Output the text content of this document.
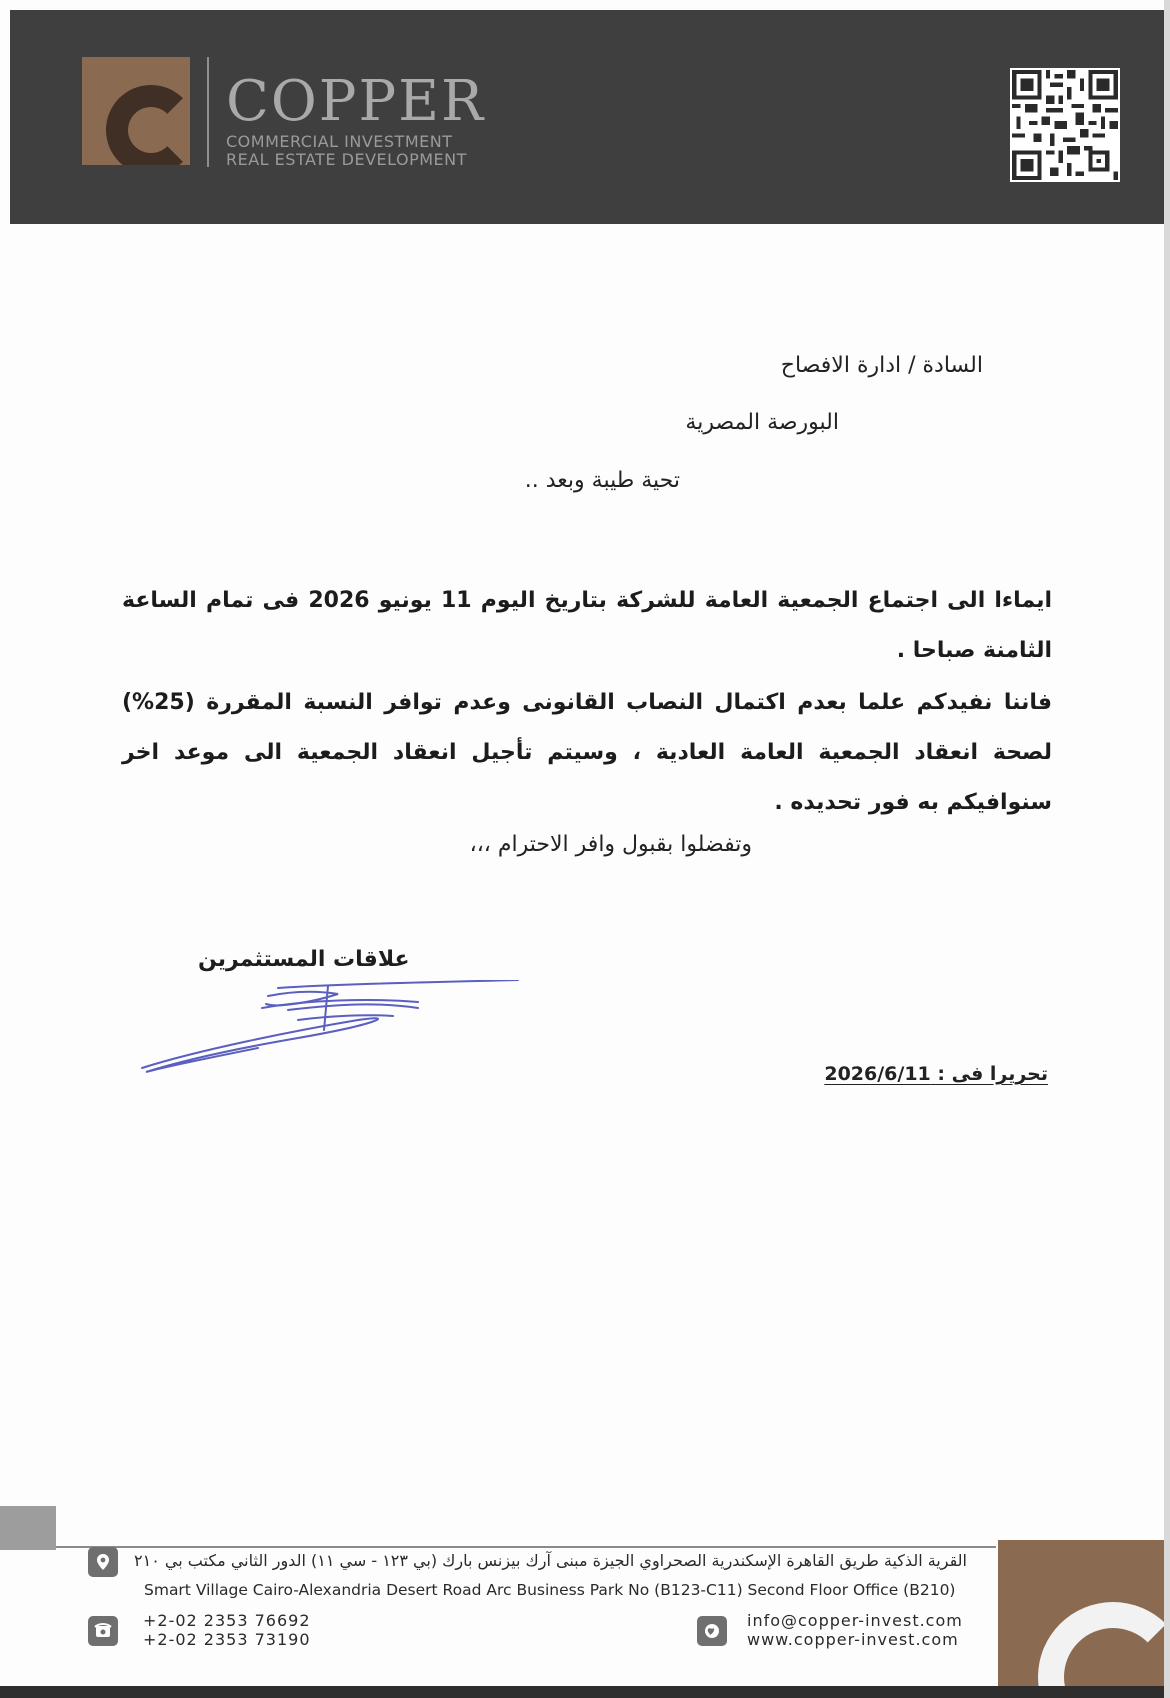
COPPER
COMMERCIAL INVESTMENT
REAL ESTATE DEVELOPMENT
السادة / ادارة الافصاح
البورصة المصرية
تحية طيبة وبعد ..
ايماءا الى اجتماع الجمعية العامة للشركة بتاريخ اليوم 11 يونيو 2026 فى تمام الساعة الثامنة صباحا .
فاننا نفيدكم علما بعدم اكتمال النصاب القانونى وعدم توافر النسبة المقررة (25%) لصحة انعقاد الجمعية العامة العادية ، وسيتم تأجيل انعقاد الجمعية الى موعد اخر سنوافيكم به فور تحديده .
وتفضلوا بقبول وافر الاحترام ،،،
علاقات المستثمرين
تحريرا فى : 2026/6/11
القرية الذكية طريق القاهرة الإسكندرية الصحراوي الجيزة مبنى آرك بيزنس بارك (بي ١٢٣ - سي ١١) الدور الثاني مكتب بي ٢١٠
Smart Village Cairo-Alexandria Desert Road Arc Business Park No (B123-C11) Second Floor Office (B210)
+2-02 2353 76692
+2-02 2353 73190
info@copper-invest.com
www.copper-invest.com
